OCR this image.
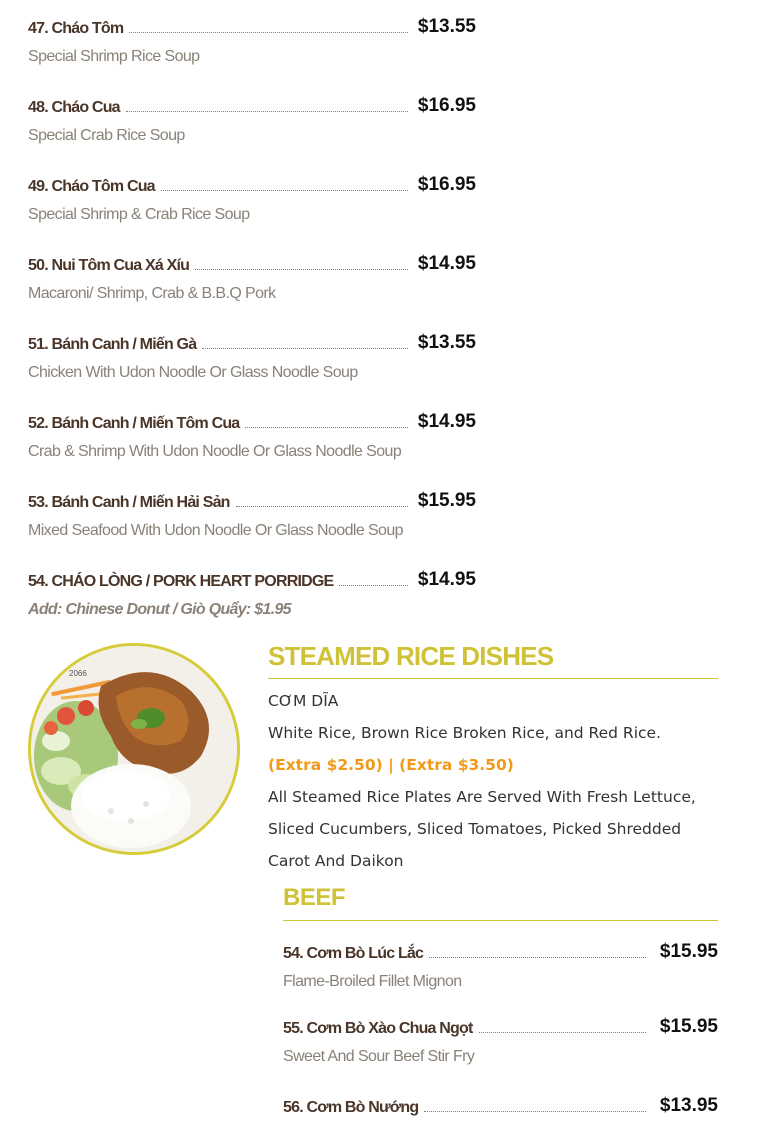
47. Cháo Tôm	$13.55
Special Shrimp Rice Soup
48. Cháo Cua	$16.95
Special Crab Rice Soup
49. Cháo Tôm Cua	$16.95
Special Shrimp & Crab Rice Soup
50. Nui Tôm Cua Xá Xíu	$14.95
Macaroni/ Shrimp, Crab & B.B.Q Pork
51. Bánh Canh / Miến Gà	$13.55
Chicken With Udon Noodle Or Glass Noodle Soup
52. Bánh Canh / Miến Tôm Cua	$14.95
Crab & Shrimp With Udon Noodle Or Glass Noodle Soup
53. Bánh Canh / Miến Hải Sản	$15.95
Mixed Seafood With Udon Noodle Or Glass Noodle Soup
54. CHÁO LÒNG / PORK HEART PORRIDGE	$14.95
Add: Chinese Donut / Giò Quẩy: $1.95
2066
STEAMED RICE DISHES
CƠM DĨA
White Rice, Brown Rice Broken Rice, and Red Rice.
(Extra $2.50) | (Extra $3.50)
All Steamed Rice Plates Are Served With Fresh Lettuce,
Sliced Cucumbers, Sliced Tomatoes, Picked Shredded
Carot And Daikon
BEEF
54. Cơm Bò Lúc Lắc	$15.95
Flame-Broiled Fillet Mignon
55. Cơm Bò Xào Chua Ngọt	$15.95
Sweet And Sour Beef Stir Fry
56. Cơm Bò Nướng	$13.95
